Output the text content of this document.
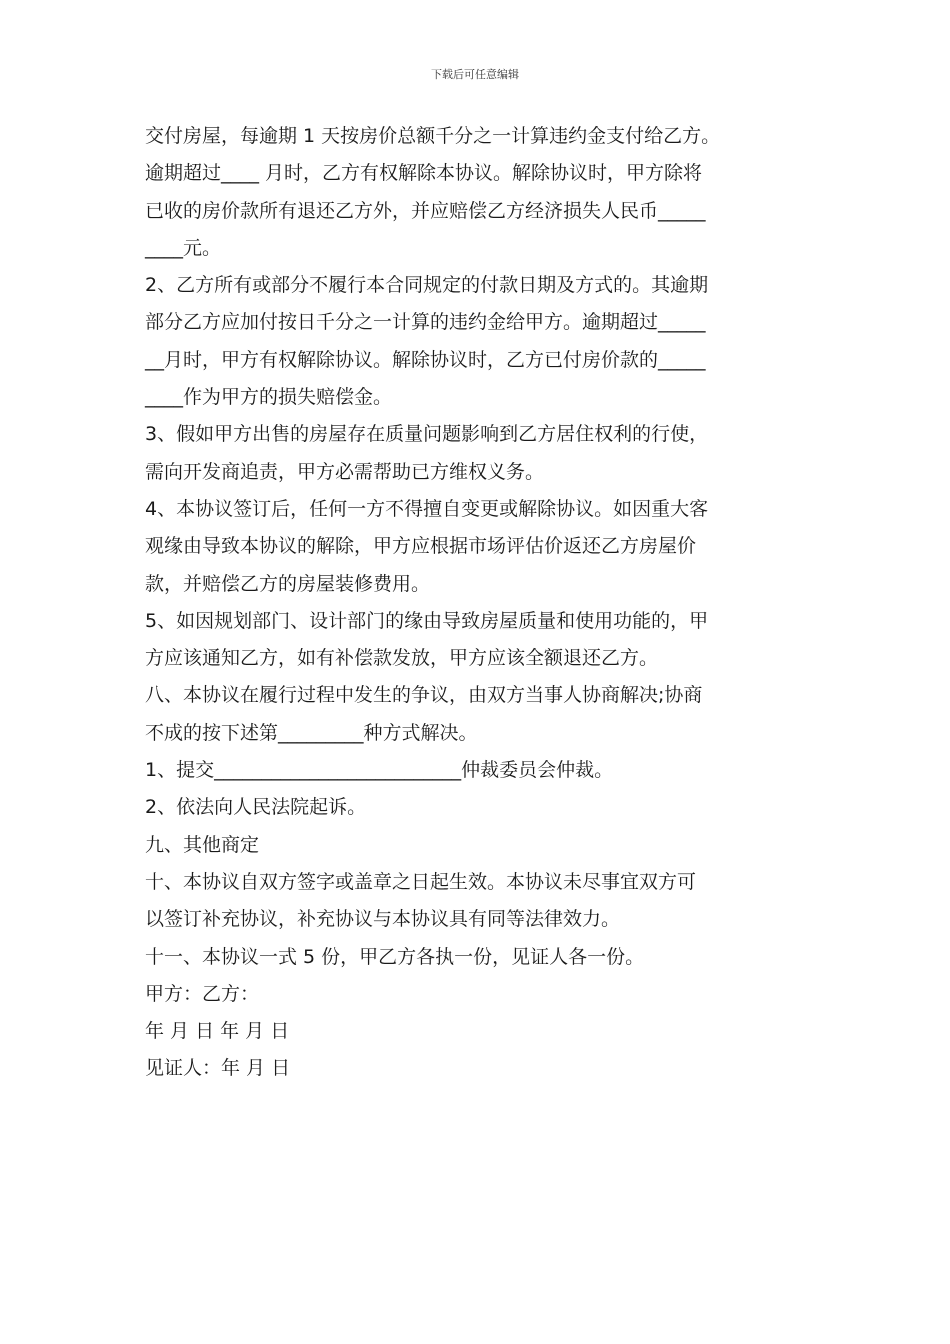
下载后可任意编辑
交付房屋，每逾期 1 天按房价总额千分之一计算违约金支付给乙方。
逾期超过____ 月时，乙方有权解除本协议。解除协议时，甲方除将
已收的房价款所有退还乙方外，并应赔偿乙方经济损失人民币_____
____元。
2、乙方所有或部分不履行本合同规定的付款日期及方式的。其逾期
部分乙方应加付按日千分之一计算的违约金给甲方。逾期超过_____
__月时，甲方有权解除协议。解除协议时，乙方已付房价款的_____
____作为甲方的损失赔偿金。
3、假如甲方出售的房屋存在质量问题影响到乙方居住权利的行使，
需向开发商追责，甲方必需帮助已方维权义务。
4、本协议签订后，任何一方不得擅自变更或解除协议。如因重大客
观缘由导致本协议的解除，甲方应根据市场评估价返还乙方房屋价
款，并赔偿乙方的房屋装修费用。
5、如因规划部门、设计部门的缘由导致房屋质量和使用功能的，甲
方应该通知乙方，如有补偿款发放，甲方应该全额退还乙方。
八、本协议在履行过程中发生的争议，由双方当事人协商解决;协商
不成的按下述第_________种方式解决。
1、提交__________________________仲裁委员会仲裁。
2、依法向人民法院起诉。
九、其他商定
十、本协议自双方签字或盖章之日起生效。本协议未尽事宜双方可
以签订补充协议，补充协议与本协议具有同等法律效力。
十一、本协议一式 5 份，甲乙方各执一份，见证人各一份。
甲方：乙方：
年 月 日 年 月 日
见证人：年 月 日
